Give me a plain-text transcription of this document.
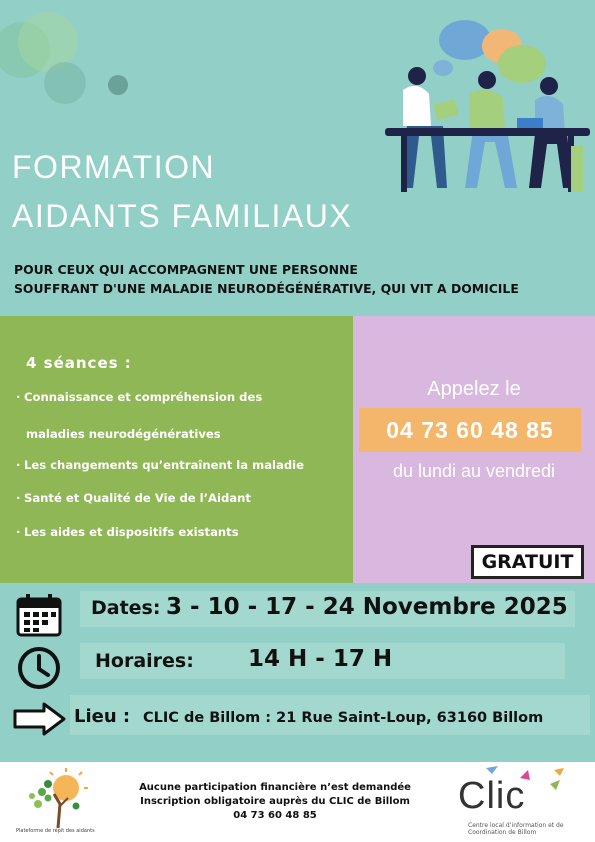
FORMATION
AIDANTS FAMILIAUX
POUR CEUX QUI ACCOMPAGNENT UNE PERSONNE
SOUFFRANT D'UNE MALADIE NEURODÉGÉNÉRATIVE, QUI VIT A DOMICILE
4 séances :
· Connaissance et compréhension des
maladies neurodégénératives
· Les changements qu’entraînent la maladie
· Santé et Qualité de Vie de l’Aidant
· Les aides et dispositifs existants
Appelez le
04 73 60 48 85
du lundi au vendredi
GRATUIT
Dates: 3 - 10 - 17 - 24 Novembre 2025
Horaires: 14 H - 17 H
Lieu : CLIC de Billom : 21 Rue Saint-Loup, 63160 Billom
Plateforme de répit des aidants
Aucune participation financière n’est demandée
Inscription obligatoire auprès du CLIC de Billom
04 73 60 48 85	Clic
Centre local d’information et de Coordination de Billom
